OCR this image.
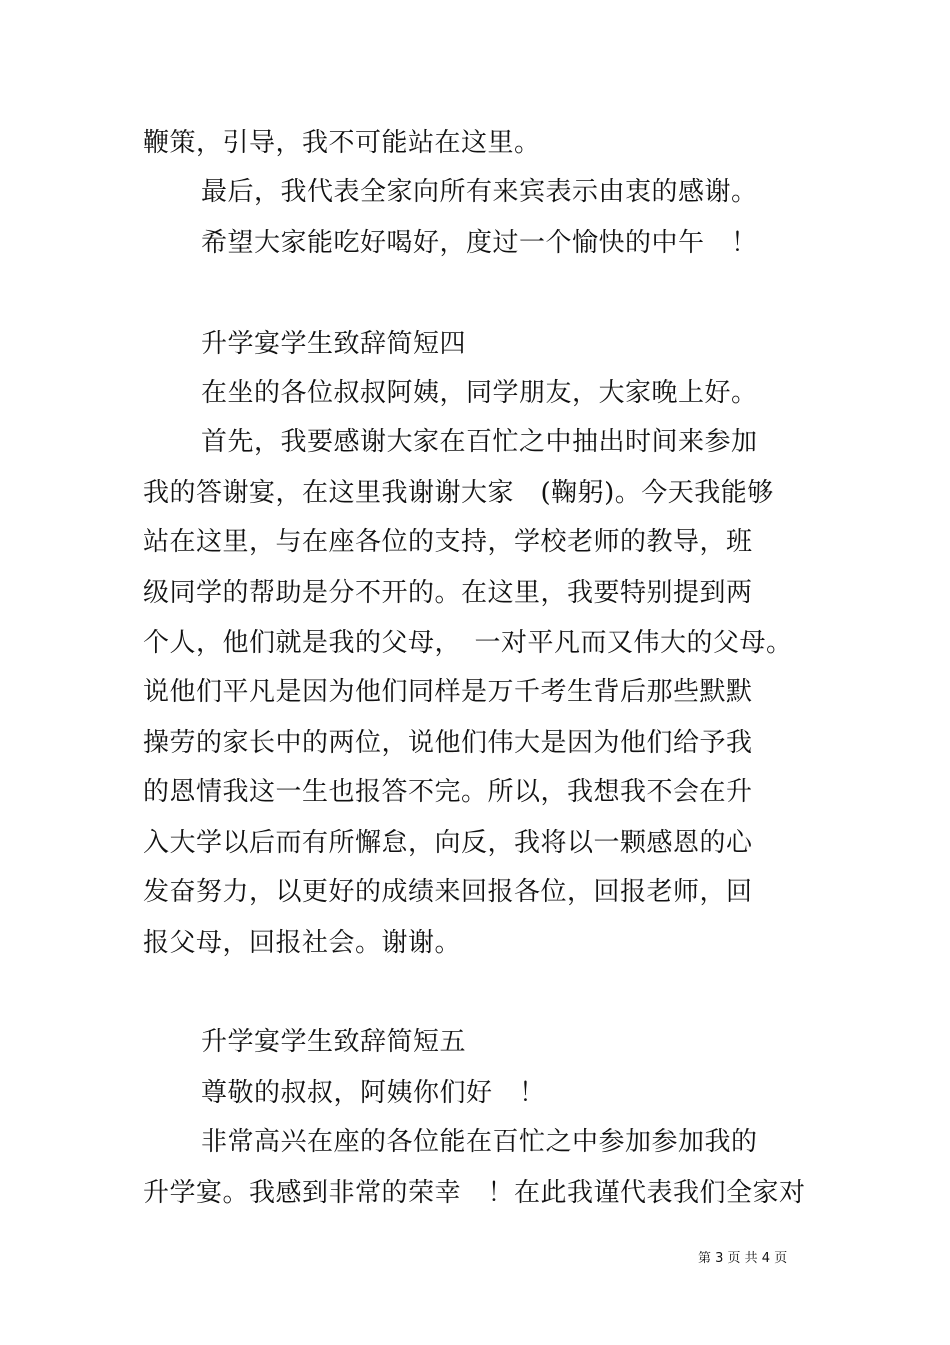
鞭策，引导，我不可能站在这里。
最后，我代表全家向所有来宾表示由衷的感谢。
希望大家能吃好喝好，度过一个愉快的中午　！
升学宴学生致辞简短四
在坐的各位叔叔阿姨，同学朋友，大家晚上好。
首先，我要感谢大家在百忙之中抽出时间来参加
我的答谢宴，在这里我谢谢大家　(鞠躬)。今天我能够
站在这里，与在座各位的支持，学校老师的教导，班
级同学的帮助是分不开的。在这里，我要特别提到两
个人，他们就是我的父母，　一对平凡而又伟大的父母。
说他们平凡是因为他们同样是万千考生背后那些默默
操劳的家长中的两位，说他们伟大是因为他们给予我
的恩情我这一生也报答不完。所以，我想我不会在升
入大学以后而有所懈怠，向反，我将以一颗感恩的心
发奋努力，以更好的成绩来回报各位，回报老师，回
报父母，回报社会。谢谢。
升学宴学生致辞简短五
尊敬的叔叔，阿姨你们好　！
非常高兴在座的各位能在百忙之中参加参加我的
升学宴。我感到非常的荣幸　！在此我谨代表我们全家对
第 3 页 共 4 页
